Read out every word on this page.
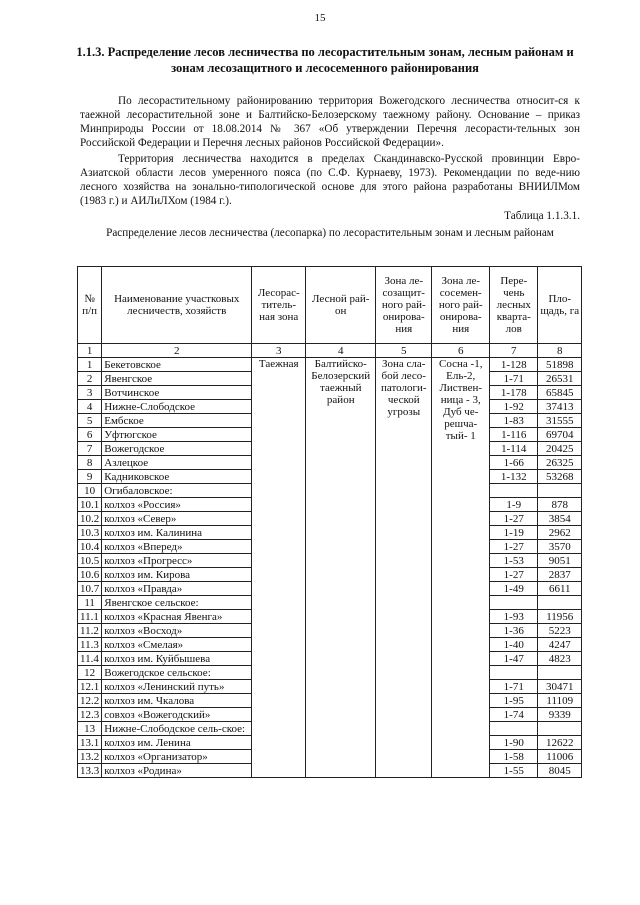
15
1.1.3. Распределение лесов лесничества по лесорастительным зонам, лесным районам и зонам лесозащитного и лесосеменного районирования
По лесорастительному районированию территория Вожегодского лесничества относит-ся к таежной лесорастительной зоне и Балтийско-Белозерскому таежному району. Основание – приказ Минприроды России от 18.08.2014 № 367 «Об утверждении Перечня лесорасти-тельных зон Российской Федерации и Перечня лесных районов Российской Федерации».
Территория лесничества находится в пределах Скандинавско-Русской провинции Евро-Азиатской области лесов умеренного пояса (по С.Ф. Курнаеву, 1973). Рекомендации по веде-нию лесного хозяйства на зонально-типологической основе для этого района разработаны ВНИИЛМом (1983 г.) и АИЛиЛХом (1984 г.).
Таблица 1.1.3.1.
Распределение лесов лесничества (лесопарка) по лесорастительным зонам и лесным районам
№ п/п	Наименование участковых лесничеств, хозяйств	Лесорас-титель-ная зона	Лесной рай-он	Зона ле-созащит-ного рай-онирова-ния	Зона ле-сосемен-ного рай-онирова-ния	Пере-чень лесных кварта-лов	Пло-щадь, га
1	2	3	4	5	6	7	8
1	Бекетовское	Таежная	Балтийско-Белозерский таежный район	Зона сла-бой лесо-патологи-ческой угрозы	Сосна -1, Ель-2, Листвен-ница - 3, Дуб че-решча-тый- 1	1-128	51898
2	Явенгское					1-71	26531
3	Вотчинское					1-178	65845
4	Нижне-Слободское					1-92	37413
5	Ембское					1-83	31555
6	Уфтюгское					1-116	69704
7	Вожегодское					1-114	20425
8	Азлецкое					1-66	26325
9	Кадниковское					1-132	53268
10	Огибаловское:						
10.1	колхоз «Россия»					1-9	878
10.2	колхоз «Север»					1-27	3854
10.3	колхоз им. Калинина					1-19	2962
10.4	колхоз «Вперед»					1-27	3570
10.5	колхоз «Прогресс»					1-53	9051
10.6	колхоз им. Кирова					1-27	2837
10.7	колхоз «Правда»					1-49	6611
11	Явенгское сельское:						
11.1	колхоз «Красная Явенга»					1-93	11956
11.2	колхоз «Восход»					1-36	5223
11.3	колхоз «Смелая»					1-40	4247
11.4	колхоз им. Куйбышева					1-47	4823
12	Вожегодское сельское:						
12.1	колхоз «Ленинский путь»					1-71	30471
12.2	колхоз им. Чкалова					1-95	11109
12.3	совхоз «Вожегодский»					1-74	9339
13	Нижне-Слободское сель-ское:						
13.1	колхоз им. Ленина					1-90	12622
13.2	колхоз «Организатор»					1-58	11006
13.3	колхоз «Родина»					1-55	8045
